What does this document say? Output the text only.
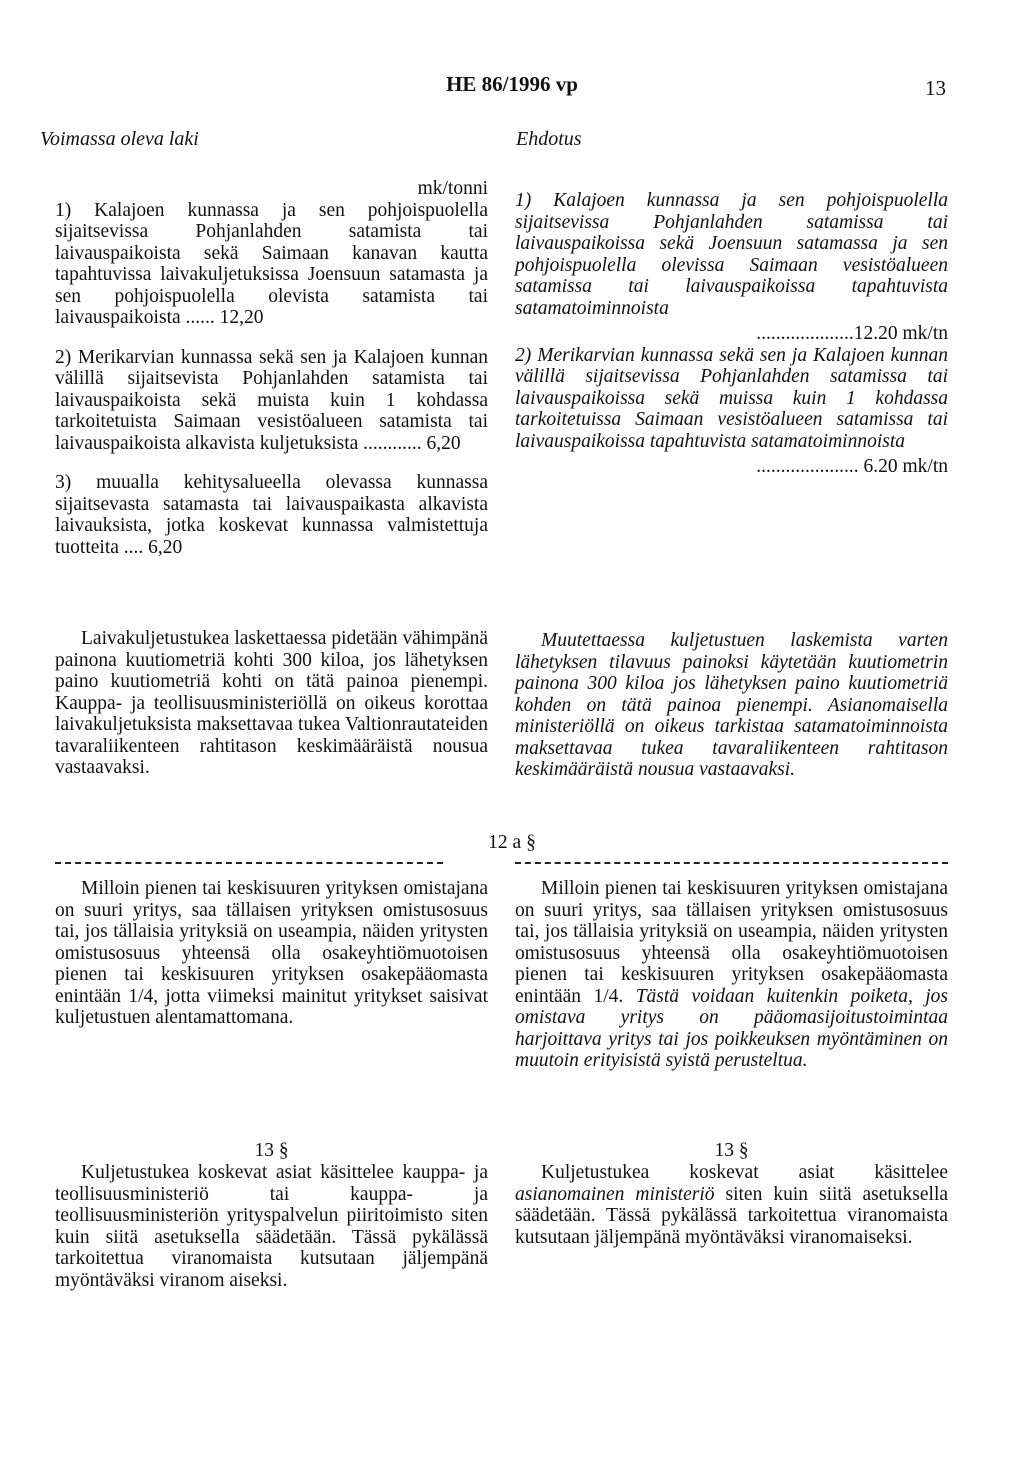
HE 86/1996 vp	13
Voimassa oleva laki	Ehdotus

mk/tonni

1) Kalajoen kunnassa ja sen pohjoispuolella sijaitsevissa Pohjanlahden satamista tai laivauspaikoista sekä Saimaan kanavan kautta tapahtuvissa laivakuljetuksissa Joensuun satamasta ja sen pohjoispuolella olevista satamista tai laivauspaikoista ...... 12,20

2) Merikarvian kunnassa sekä sen ja Kalajoen kunnan välillä sijaitsevista Pohjanlahden satamista tai laivauspaikoista sekä muista kuin 1 kohdassa tarkoitetuista Saimaan vesistöalueen satamista tai laivauspaikoista alkavista kuljetuksista ............ 6,20

3) muualla kehitysalueella olevassa kunnassa sijaitsevasta satamasta tai laivauspaikasta alkavista laivauksista, jotka koskevat kunnassa valmistettuja tuotteita .... 6,20

Laivakuljetustukea laskettaessa pidetään vähimpänä painona kuutiometriä kohti 300 kiloa, jos lähetyksen paino kuutiometriä kohti on tätä painoa pienempi. Kauppa- ja teollisuusministeriöllä on oikeus korottaa laivakuljetuksista maksettavaa tukea Valtionrautateiden tavaraliikenteen rahtitason keskimääräistä nousua vastaavaksi.
12 a §
Milloin pienen tai keskisuuren yrityksen omistajana on suuri yritys, saa tällaisen yrityksen omistusosuus tai, jos tällaisia yrityksiä on useampia, näiden yritysten omistusosuus yhteensä olla osakeyhtiömuotoisen pienen tai keskisuuren yrityksen osakepääomasta enintään 1/4, jotta viimeksi mainitut yritykset saisivat kuljetustuen alentamattomana.
13 §
Kuljetustukea koskevat asiat käsittelee kauppa- ja teollisuusministeriö tai kauppa- ja teollisuusministeriön yrityspalvelun piiritoimisto siten kuin siitä asetuksella säädetään. Tässä pykälässä tarkoitettua viranomaista kutsutaan jäljempänä myöntäväksi viranom aiseksi.

1) Kalajoen kunnassa ja sen pohjoispuolella sijaitsevissa Pohjanlahden satamissa tai laivauspaikoissa sekä Joensuun satamassa ja sen pohjoispuolella olevissa Saimaan vesistöalueen satamissa tai laivauspaikoissa tapahtuvista satamatoiminnoista

....................12.20 mk/tn

2) Merikarvian kunnassa sekä sen ja Kalajoen kunnan välillä sijaitsevissa Pohjanlahden satamissa tai laivauspaikoissa sekä muissa kuin 1 kohdassa tarkoitetuissa Saimaan vesistöalueen satamissa tai laivauspaikoissa tapahtuvista satamatoiminnoista

..................... 6.20 mk/tn

Muutettaessa kuljetustuen laskemista varten lähetyksen tilavuus painoksi käytetään kuutiometrin painona 300 kiloa jos lähetyksen paino kuutiometriä kohden on tätä painoa pienempi. Asianomaisella ministeriöllä on oikeus tarkistaa satamatoiminnoista maksettavaa tukea tavaraliikenteen rahtitason keskimääräistä nousua vastaavaksi.
Milloin pienen tai keskisuuren yrityksen omistajana on suuri yritys, saa tällaisen yrityksen omistusosuus tai, jos tällaisia yrityksiä on useampia, näiden yritysten omistusosuus yhteensä olla osakeyhtiömuotoisen pienen tai keskisuuren yrityksen osakepääomasta enintään 1/4. Tästä voidaan kuitenkin poiketa, jos omistava yritys on pääomasijoitustoimintaa harjoittava yritys tai jos poikkeuksen myöntäminen on muutoin erityisistä syistä perusteltua.
13 §
Kuljetustukea koskevat asiat käsittelee asianomainen ministeriö siten kuin siitä asetuksella säädetään. Tässä pykälässä tarkoitettua viranomaista kutsutaan jäljempänä myöntäväksi viranomaiseksi.
